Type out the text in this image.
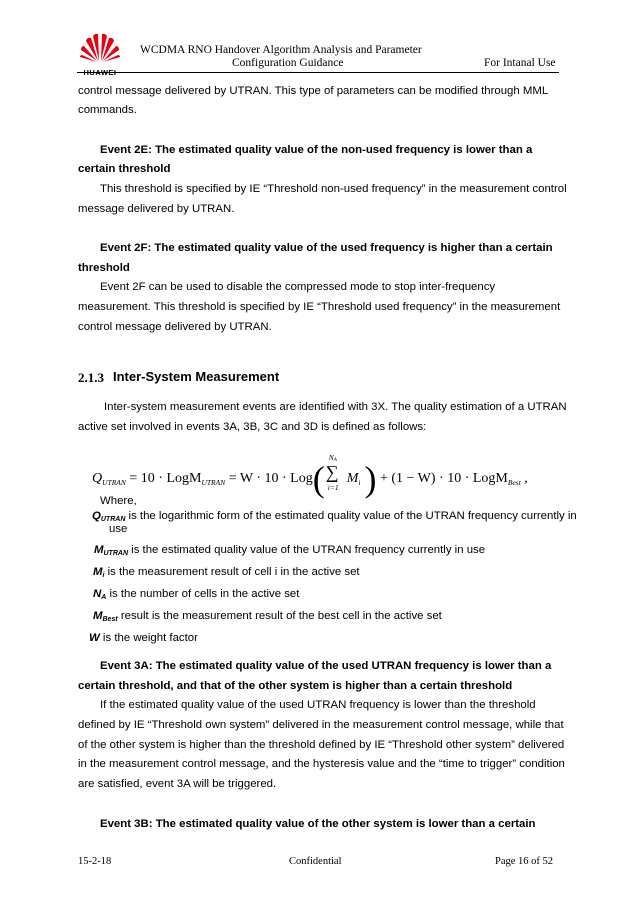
WCDMA RNO Handover Algorithm Analysis and Parameter
Configuration Guidance	For Intanal Use
control message delivered by UTRAN. This type of parameters can be modified through MML
commands.
Event 2E: The estimated quality value of the non-used frequency is lower than a
certain threshold
This threshold is specified by IE “Threshold non-used frequency” in the measurement control
message delivered by UTRAN.
Event 2F: The estimated quality value of the used frequency is higher than a certain
threshold
Event 2F can be used to disable the compressed mode to stop inter-frequency
measurement. This threshold is specified by IE “Threshold used frequency” in the measurement
control message delivered by UTRAN.
2.1.3 Inter-System Measurement
Inter-system measurement events are identified with 3X. The quality estimation of a UTRAN
active set involved in events 3A, 3B, 3C and 3D is defined as follows:
$Q_{UTRAN} = 10$ · LogM$_{UTRAN}$ = W · 10 · Log(
$N_A$
∑
i=1
$M_i$ ) + (1 − W) · 10 · LogM$_{Best}$ ,
Where,
$Q_{UTRAN}$ is the logarithmic form of the estimated quality value of the UTRAN frequency currently in
use
$M_{UTRAN}$ is the estimated quality value of the UTRAN frequency currently in use
$M_i$ is the measurement result of cell i in the active set
$N_A$ is the number of cells in the active set
$M_{Best}$ result is the measurement result of the best cell in the active set
W is the weight factor
Event 3A: The estimated quality value of the used UTRAN frequency is lower than a
certain threshold, and that of the other system is higher than a certain threshold
If the estimated quality value of the used UTRAN frequency is lower than the threshold
defined by IE “Threshold own system” delivered in the measurement control message, while that
of the other system is higher than the threshold defined by IE “Threshold other system” delivered
in the measurement control message, and the hysteresis value and the “time to trigger” condition
are satisfied, event 3A will be triggered.
Event 3B: The estimated quality value of the other system is lower than a certain
15-2-18	Confidential	Page 16 of 52
